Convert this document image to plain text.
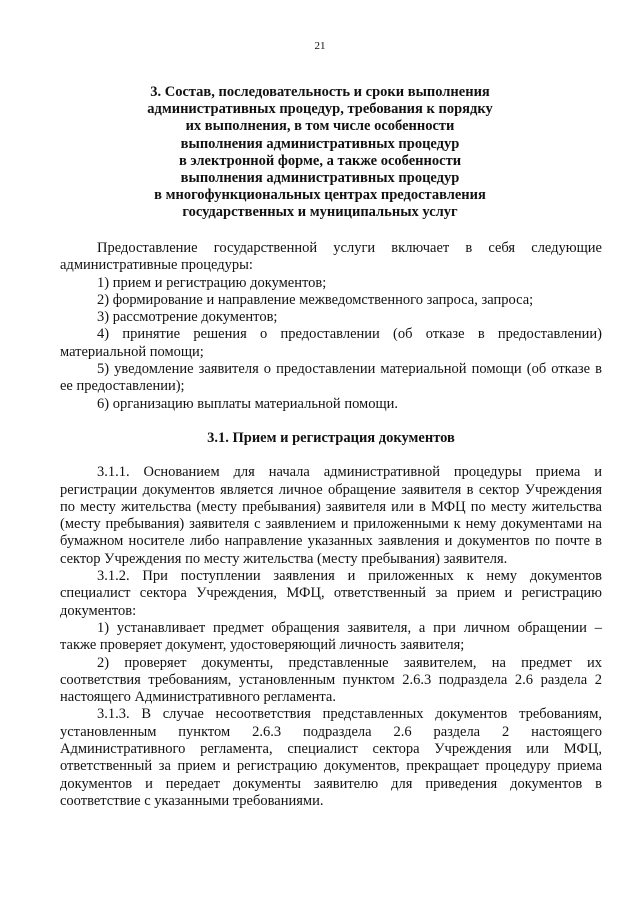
21
3. Состав, последовательность и сроки выполнения
административных процедур, требования к порядку
их выполнения, в том числе особенности
выполнения административных процедур
в электронной форме, а также особенности
выполнения административных процедур
в многофункциональных центрах предоставления
государственных и муниципальных услуг

Предоставление государственной услуги включает в себя следующие административные процедуры:

1) прием и регистрацию документов;

2) формирование и направление межведомственного запроса, запроса;

3) рассмотрение документов;

4) принятие решения о предоставлении (об отказе в предоставлении) материальной помощи;

5) уведомление заявителя о предоставлении материальной помощи (об отказе в ее предоставлении);

6) организацию выплаты материальной помощи.

3.1. Прием и регистрация документов

3.1.1. Основанием для начала административной процедуры приема и регистрации документов является личное обращение заявителя в сектор Учреждения по месту жительства (месту пребывания) заявителя или в МФЦ по месту жительства (месту пребывания) заявителя с заявлением и приложенными к нему документами на бумажном носителе либо направление указанных заявления и документов по почте в сектор Учреждения по месту жительства (месту пребывания) заявителя.

3.1.2. При поступлении заявления и приложенных к нему документов специалист сектора Учреждения, МФЦ, ответственный за прием и регистрацию документов:

1) устанавливает предмет обращения заявителя, а при личном обращении – также проверяет документ, удостоверяющий личность заявителя;

2) проверяет документы, представленные заявителем, на предмет их соответствия требованиям, установленным пунктом 2.6.3 подраздела 2.6 раздела 2 настоящего Административного регламента.

3.1.3. В случае несоответствия представленных документов требованиям, установленным пунктом 2.6.3 подраздела 2.6 раздела 2 настоящего Административного регламента, специалист сектора Учреждения или МФЦ, ответственный за прием и регистрацию документов, прекращает процедуру приема документов и передает документы заявителю для приведения документов в соответствие с указанными требованиями.
